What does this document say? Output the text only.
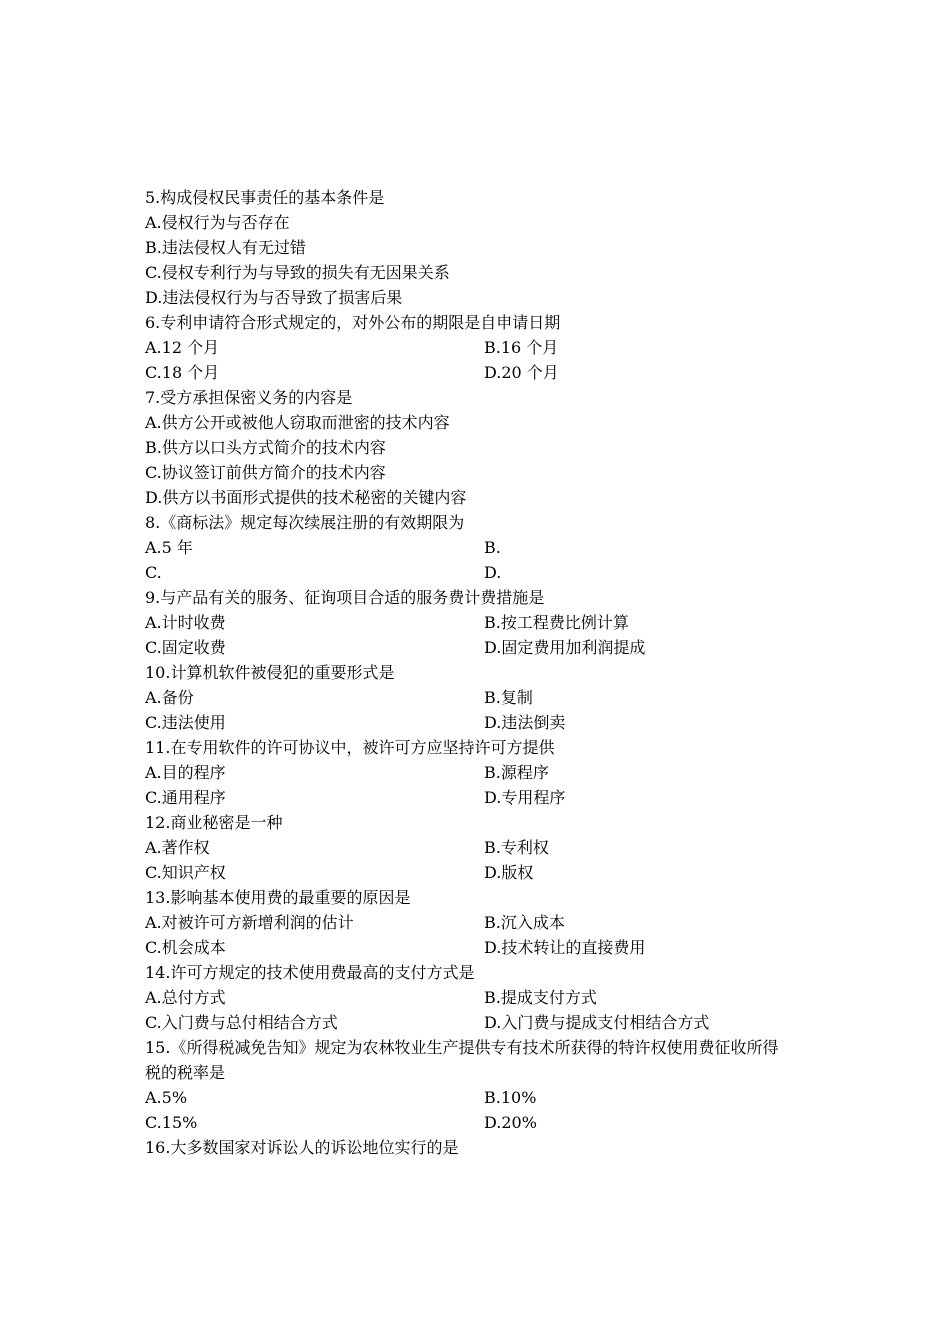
5.构成侵权民事责任的基本条件是
A.侵权行为与否存在
B.违法侵权人有无过错
C.侵权专利行为与导致的损失有无因果关系
D.违法侵权行为与否导致了损害后果
6.专利申请符合形式规定的，对外公布的期限是自申请日期
A.12 个月	B.16 个月
C.18 个月	D.20 个月
7.受方承担保密义务的内容是
A.供方公开或被他人窃取而泄密的技术内容
B.供方以口头方式简介的技术内容
C.协议签订前供方简介的技术内容
D.供方以书面形式提供的技术秘密的关键内容
8.《商标法》规定每次续展注册的有效期限为
A.5 年	B.
C.	D.
9.与产品有关的服务、征询项目合适的服务费计费措施是
A.计时收费	B.按工程费比例计算
C.固定收费	D.固定费用加利润提成
10.计算机软件被侵犯的重要形式是
A.备份	B.复制
C.违法使用	D.违法倒卖
11.在专用软件的许可协议中，被许可方应坚持许可方提供
A.目的程序	B.源程序
C.通用程序	D.专用程序
12.商业秘密是一种
A.著作权	B.专利权
C.知识产权	D.版权
13.影响基本使用费的最重要的原因是
A.对被许可方新增利润的估计	B.沉入成本
C.机会成本	D.技术转让的直接费用
14.许可方规定的技术使用费最高的支付方式是
A.总付方式	B.提成支付方式
C.入门费与总付相结合方式	D.入门费与提成支付相结合方式
15.《所得税减免告知》规定为农林牧业生产提供专有技术所获得的特许权使用费征收所得
税的税率是
A.5%	B.10%
C.15%	D.20%
16.大多数国家对诉讼人的诉讼地位实行的是
